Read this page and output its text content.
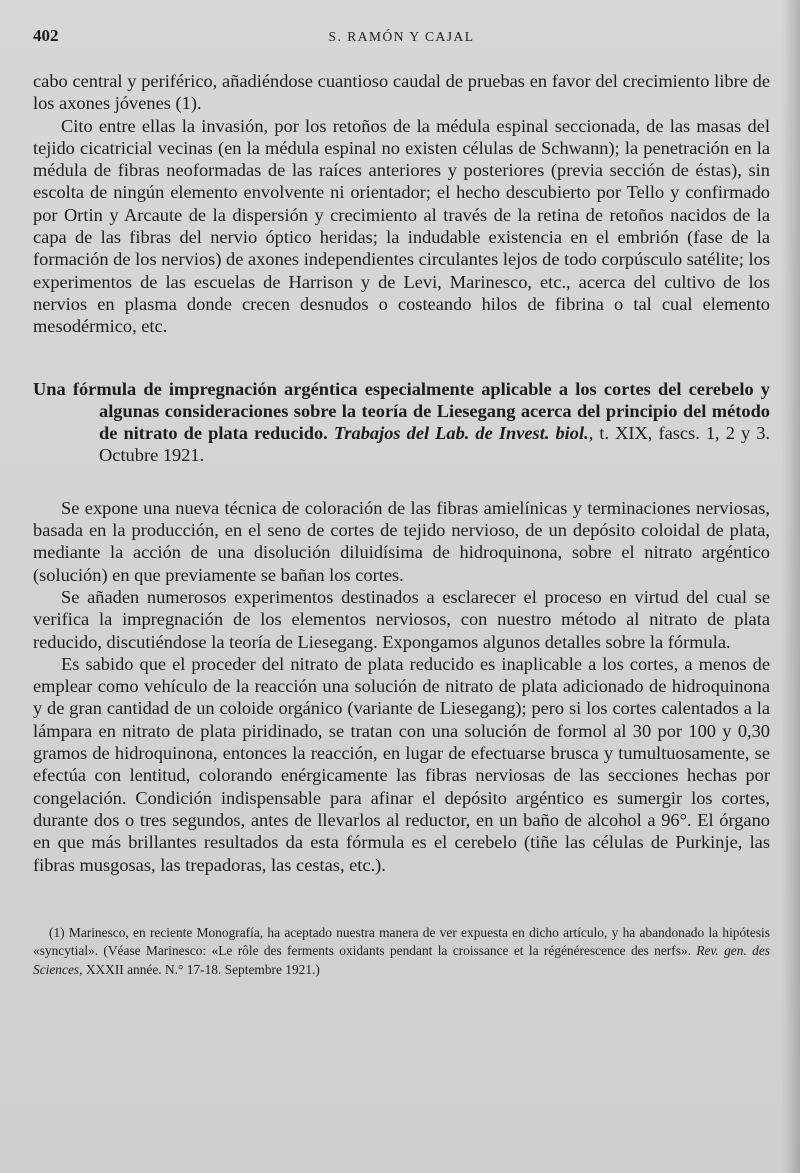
402	S. RAMÓN Y CAJAL

cabo central y periférico, añadiéndose cuantioso caudal de pruebas en favor del crecimiento libre de los axones jóvenes (1).

Cito entre ellas la invasión, por los retoños de la médula espinal seccionada, de las masas del tejido cicatricial vecinas (en la médula espinal no existen células de Schwann); la penetración en la médula de fibras neoformadas de las raíces anteriores y posteriores (previa sección de éstas), sin escolta de ningún elemento envolvente ni orientador; el hecho descubierto por Tello y confirmado por Ortin y Arcaute de la dispersión y crecimiento al través de la retina de retoños nacidos de la capa de las fibras del nervio óptico heridas; la indudable existencia en el embrión (fase de la formación de los nervios) de axones independientes circulantes lejos de todo corpúsculo satélite; los experimentos de las escuelas de Harrison y de Levi, Marinesco, etc., acerca del cultivo de los nervios en plasma donde crecen desnudos o costeando hilos de fibrina o tal cual elemento mesodérmico, etc.

Una fórmula de impregnación argéntica especialmente aplicable a los cortes del cerebelo y algunas consideraciones sobre la teoría de Liesegang acerca del principio del método de nitrato de plata reducido. Trabajos del Lab. de Invest. biol., t. XIX, fascs. 1, 2 y 3. Octubre 1921.

Se expone una nueva técnica de coloración de las fibras amielínicas y terminaciones nerviosas, basada en la producción, en el seno de cortes de tejido nervioso, de un depósito coloidal de plata, mediante la acción de una disolución diluidísima de hidroquinona, sobre el nitrato argéntico (solución) en que previamente se bañan los cortes.

Se añaden numerosos experimentos destinados a esclarecer el proceso en virtud del cual se verifica la impregnación de los elementos nerviosos, con nuestro método al nitrato de plata reducido, discutiéndose la teoría de Liesegang. Expongamos algunos detalles sobre la fórmula.

Es sabido que el proceder del nitrato de plata reducido es inaplicable a los cortes, a menos de emplear como vehículo de la reacción una solución de nitrato de plata adicionado de hidroquinona y de gran cantidad de un coloide orgánico (variante de Liesegang); pero si los cortes calentados a la lámpara en nitrato de plata piridinado, se tratan con una solución de formol al 30 por 100 y 0,30 gramos de hidroquinona, entonces la reacción, en lugar de efectuarse brusca y tumultuosamente, se efectúa con lentitud, colorando enérgicamente las fibras nerviosas de las secciones hechas por congelación. Condición indispensable para afinar el depósito argéntico es sumergir los cortes, durante dos o tres segundos, antes de llevarlos al reductor, en un baño de alcohol a 96°. El órgano en que más brillantes resultados da esta fórmula es el cerebelo (tiñe las células de Purkinje, las fibras musgosas, las trepadoras, las cestas, etc.).

(1) Marinesco, en reciente Monografía, ha aceptado nuestra manera de ver expuesta en dicho artículo, y ha abandonado la hipótesis «syncytial». (Véase Marinesco: «Le rôle des ferments oxidants pendant la croissance et la régénérescence des nerfs». Rev. gen. des Sciences, XXXII année. N.° 17-18. Septembre 1921.)
